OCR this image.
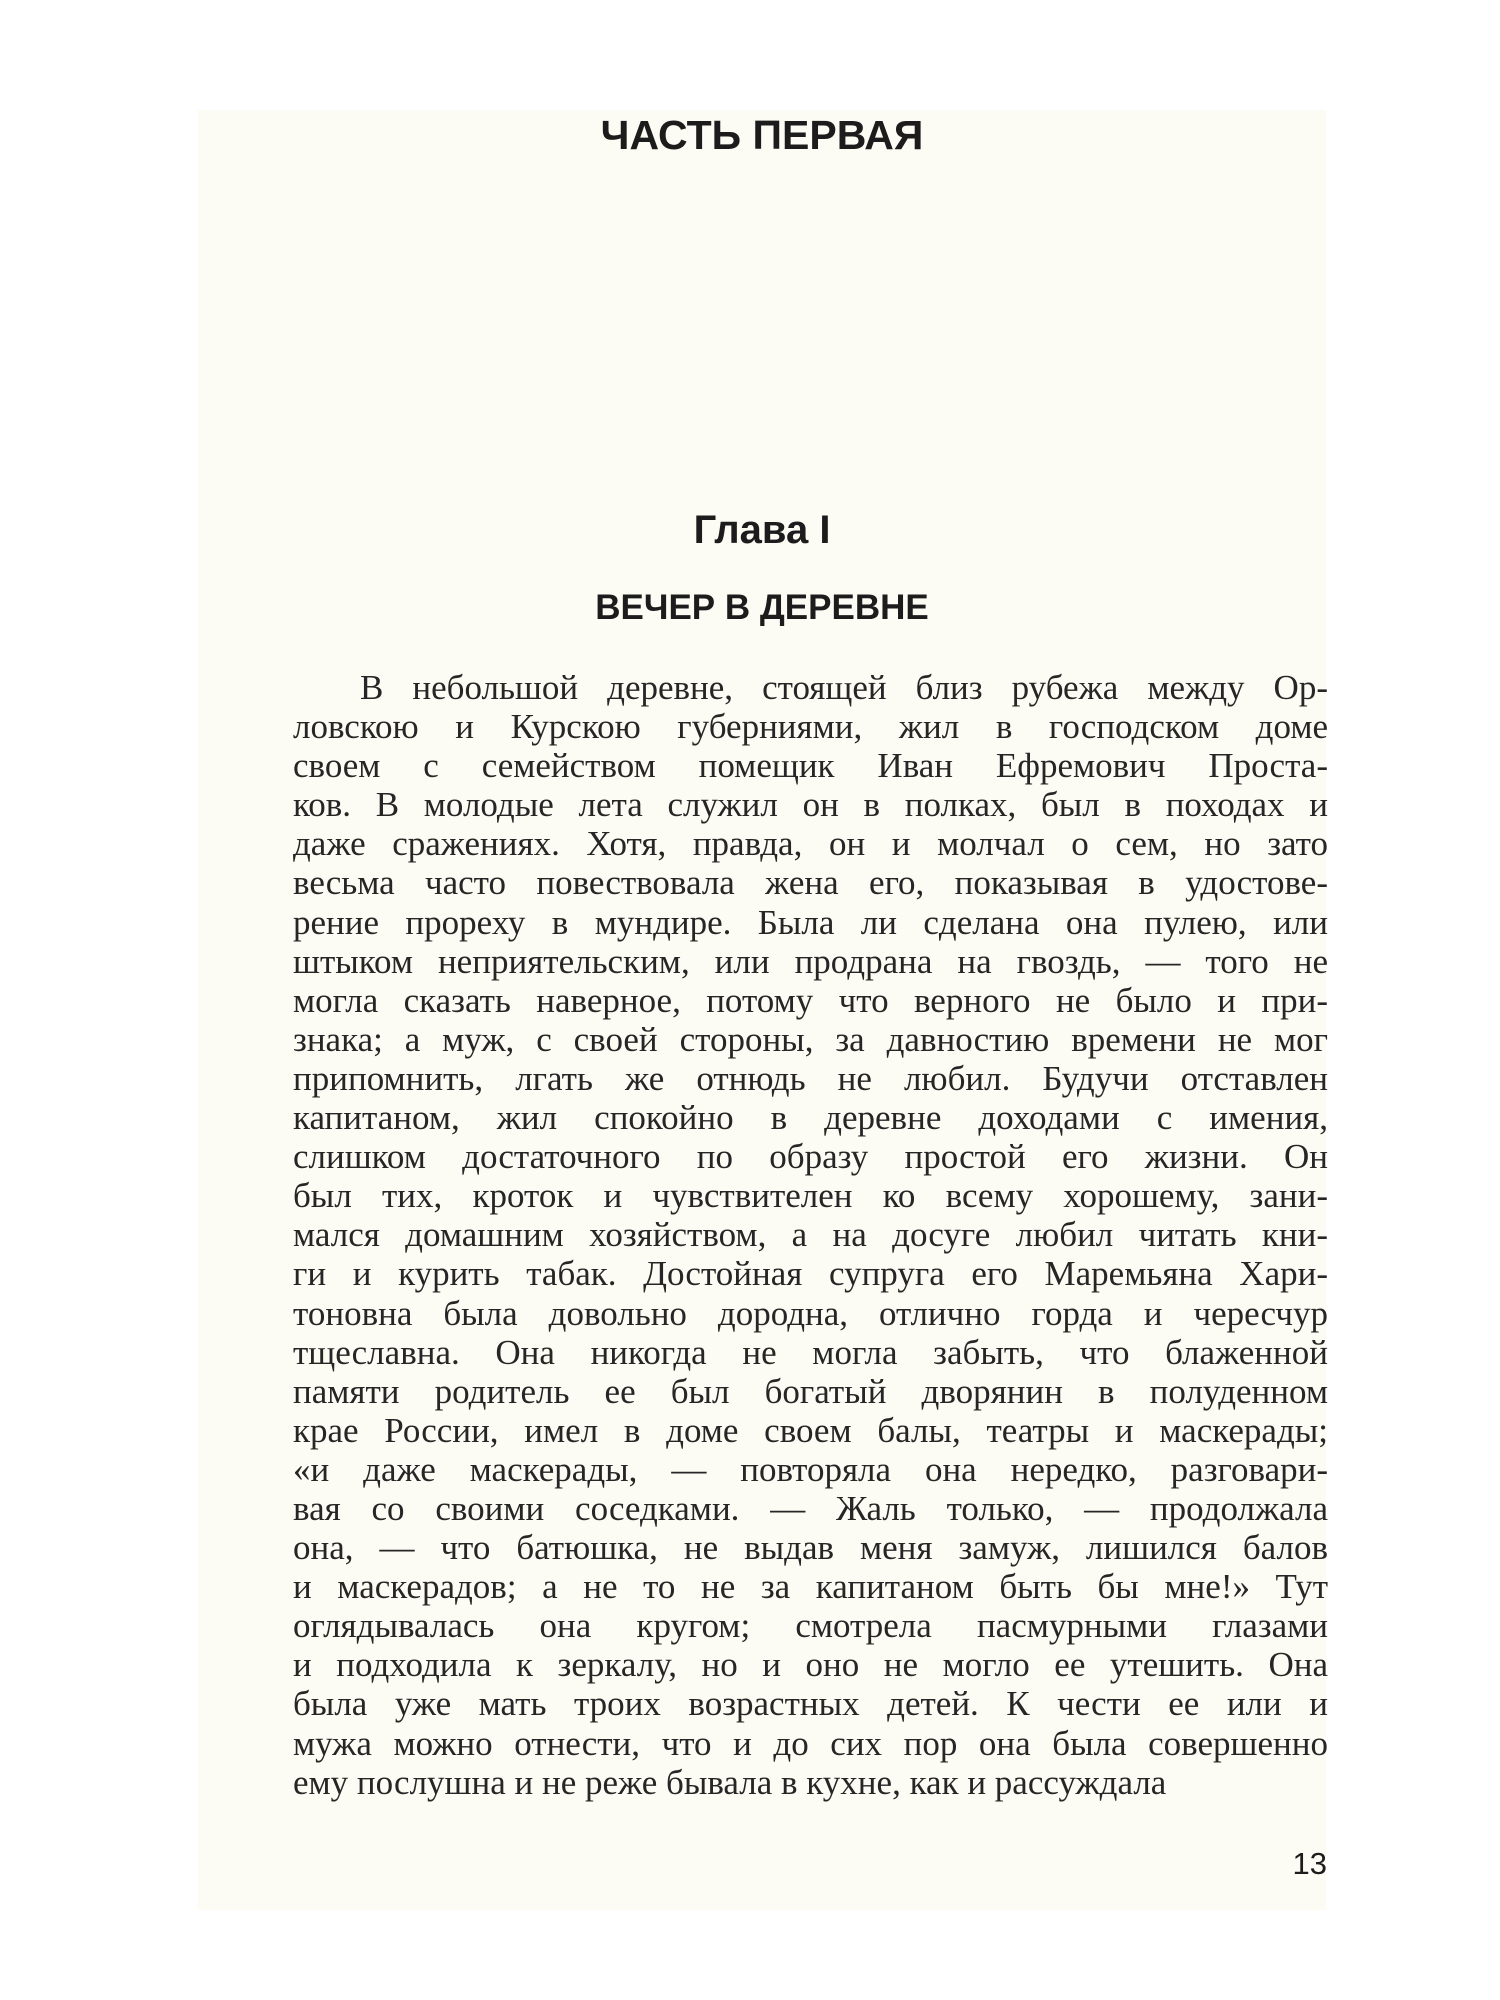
ЧАСТЬ ПЕРВАЯ
Глава I
ВЕЧЕР В ДЕРЕВНЕ
В небольшой деревне, стоящей близ рубежа между Ор-
ловскою и Курскою губерниями, жил в господском доме
своем с семейством помещик Иван Ефремович Проста-
ков. В молодые лета служил он в полках, был в походах и
даже сражениях. Хотя, правда, он и молчал о сем, но зато
весьма часто повествовала жена его, показывая в удостове-
рение прореху в мундире. Была ли сделана она пулею, или
штыком неприятельским, или продрана на гвоздь, — того не
могла сказать наверное, потому что верного не было и при-
знака; а муж, с своей стороны, за давностию времени не мог
припомнить, лгать же отнюдь не любил. Будучи отставлен
капитаном, жил спокойно в деревне доходами с имения,
слишком достаточного по образу простой его жизни. Он
был тих, кроток и чувствителен ко всему хорошему, зани-
мался домашним хозяйством, а на досуге любил читать кни-
ги и курить табак. Достойная супруга его Маремьяна Хари-
тоновна была довольно дородна, отлично горда и чересчур
тщеславна. Она никогда не могла забыть, что блаженной
памяти родитель ее был богатый дворянин в полуденном
крае России, имел в доме своем балы, театры и маскерады;
«и даже маскерады, — повторяла она нередко, разговари-
вая со своими соседками. — Жаль только, — продолжала
она, — что батюшка, не выдав меня замуж, лишился балов
и маскерадов; а не то не за капитаном быть бы мне!» Тут
оглядывалась она кругом; смотрела пасмурными глазами
и подходила к зеркалу, но и оно не могло ее утешить. Она
была уже мать троих возрастных детей. К чести ее или и
мужа можно отнести, что и до сих пор она была совершенно
ему послушна и не реже бывала в кухне, как и рассуждала
13
